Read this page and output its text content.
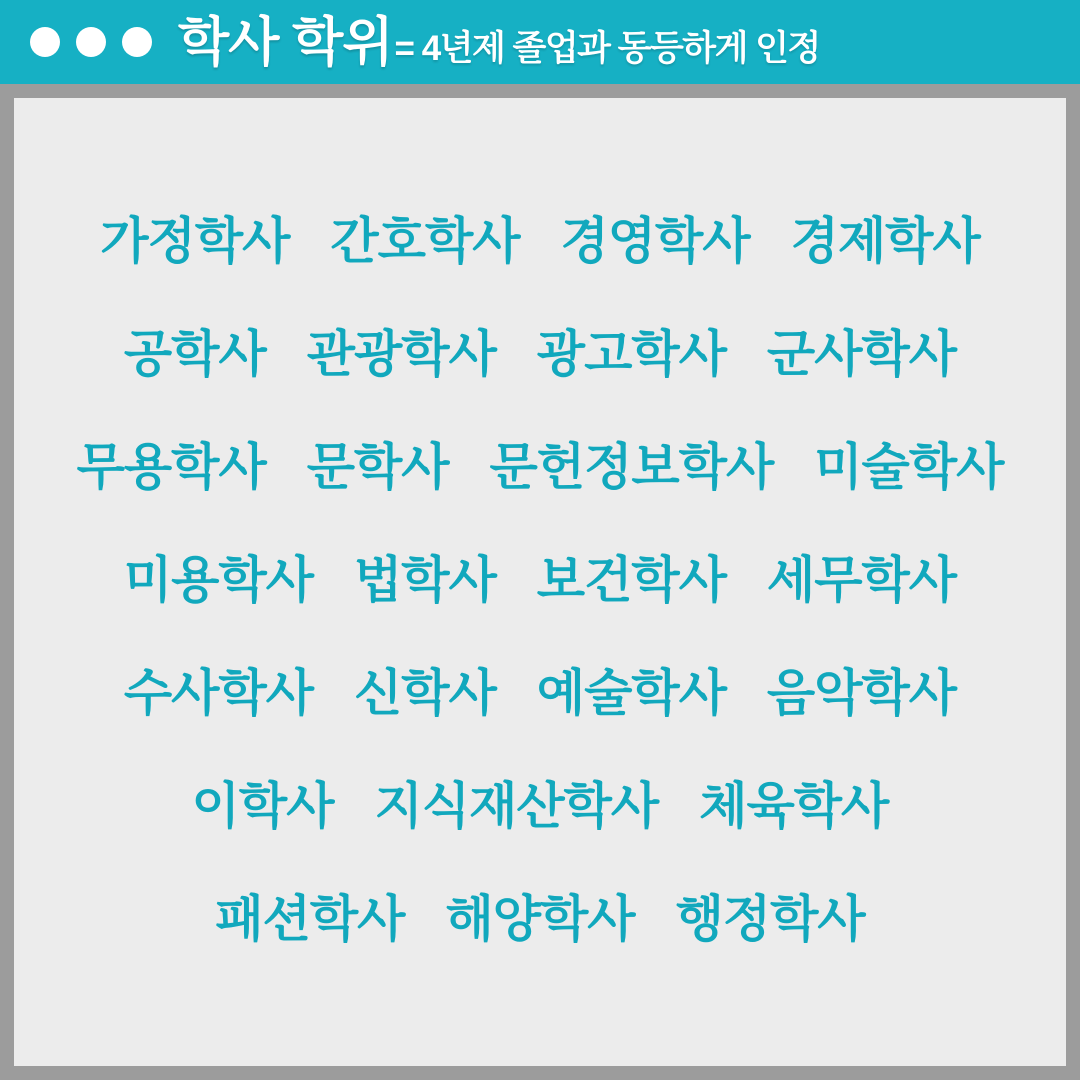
학사 학위 = 4년제 졸업과 동등하게 인정
가정학사 간호학사 경영학사 경제학사
공학사 관광학사 광고학사 군사학사
무용학사 문학사 문헌정보학사 미술학사
미용학사 법학사 보건학사 세무학사
수사학사 신학사 예술학사 음악학사
이학사 지식재산학사 체육학사
패션학사 해양학사 행정학사
